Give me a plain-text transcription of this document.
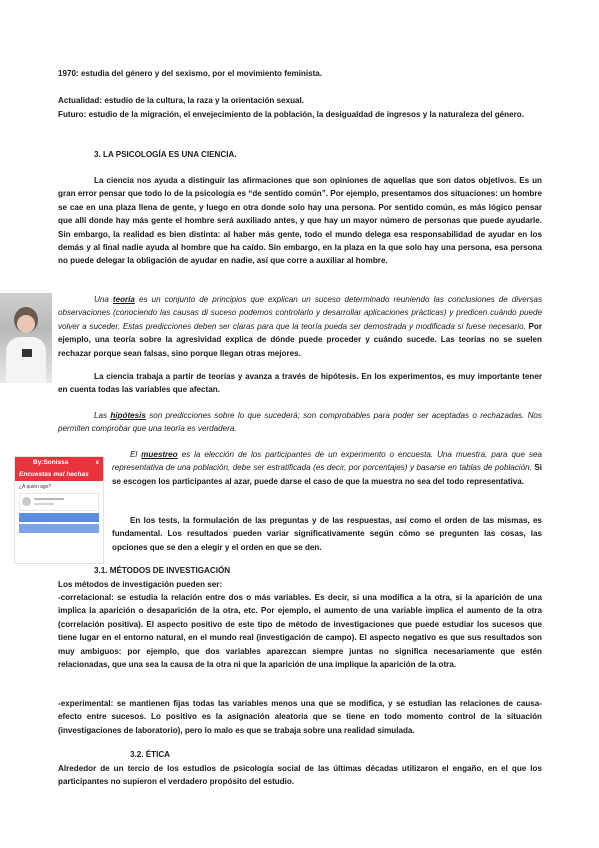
1970: estudia del género y del sexismo, por el movimiento feminista.

Actualidad: estudio de la cultura, la raza y la orientación sexual.

Futuro: estudio de la migración, el envejecimiento de la población, la desigualdad de ingresos y la naturaleza del género.

3. LA PSICOLOGÍA ES UNA CIENCIA.

La ciencia nos ayuda a distinguir las afirmaciones que son opiniones de aquellas que son datos objetivos. Es un gran error pensar que todo lo de la psicología es “de sentido común”. Por ejemplo, presentamos dos situaciones: un hombre se cae en una plaza llena de gente, y luego en otra donde solo hay una persona. Por sentido común, es más lógico pensar que allí donde hay más gente el hombre será auxiliado antes, y que hay un mayor número de personas que puede ayudarle. Sin embargo, la realidad es bien distinta: al haber más gente, todo el mundo delega esa responsabilidad de ayudar en los demás y al final nadie ayuda al hombre que ha caído. Sin embargo, en la plaza en la que solo hay una persona, esa persona no puede delegar la obligación de ayudar en nadie, así que corre a auxiliar al hombre.

Una teoría es un conjunto de principios que explican un suceso determinado reuniendo las conclusiones de diversas observaciones (conociendo las causas di suceso podemos controlarlo y desarrollar aplicaciones prácticas) y predicen cuándo puede volver a suceder. Estas predicciones deben ser claras para que la teoría pueda ser demostrada y modificada si fuese necesario. Por ejemplo, una teoría sobre la agresividad explica de dónde puede proceder y cuándo sucede. Las teorías no se suelen rechazar porque sean falsas, sino porque llegan otras mejores.

La ciencia trabaja a partir de teorías y avanza a través de hipótesis. En los experimentos, es muy importante tener en cuenta todas las variables que afectan.

Las hipótesis son predicciones sobre lo que sucederá; son comprobables para poder ser aceptadas o rechazadas. Nos permiten comprobar que una teoría es verdadera.

By:Sonissa	x
Encuestas mal hechas
¿A quién ago?

El muestreo es la elección de los participantes de un experimento o encuesta. Una muestra, para que sea representativa de una población, debe ser estratificada (es decir, por porcentajes) y basarse en tablas de población. Si se escogen los participantes al azar, puede darse el caso de que la muestra no sea del todo representativa.

En los tests, la formulación de las preguntas y de las respuestas, así como el orden de las mismas, es fundamental. Los resultados pueden variar significativamente según cómo se pregunten las cosas, las opciones que se den a elegir y el orden en que se den.

3.1. MÉTODOS DE INVESTIGACIÓN

Los métodos de investigación pueden ser:

-correlacional: se estudia la relación entre dos o más variables. Es decir, si una modifica a la otra, si la aparición de una implica la aparición o desaparición de la otra, etc. Por ejemplo, el aumento de una variable implica el aumento de la otra (correlación positiva). El aspecto positivo de este tipo de método de investigaciones que puede estudiar los sucesos que tiene lugar en el entorno natural, en el mundo real (investigación de campo). El aspecto negativo es que sus resultados son muy ambiguos: por ejemplo, que dos variables aparezcan siempre juntas no significa necesariamente que estén relacionadas, que una sea la causa de la otra ni que la aparición de una implique la aparición de la otra.

-experimental: se mantienen fijas todas las variables menos una que se modifica, y se estudian las relaciones de causa-efecto entre sucesos. Lo positivo es la asignación aleatoria que se tiene en todo momento control de la situación (investigaciones de laboratorio), pero lo malo es que se trabaja sobre una realidad simulada.

3.2. ÉTICA

Alrededor de un tercio de los estudios de psicología social de las últimas décadas utilizaron el engaño, en el que los participantes no supieron el verdadero propósito del estudio.
